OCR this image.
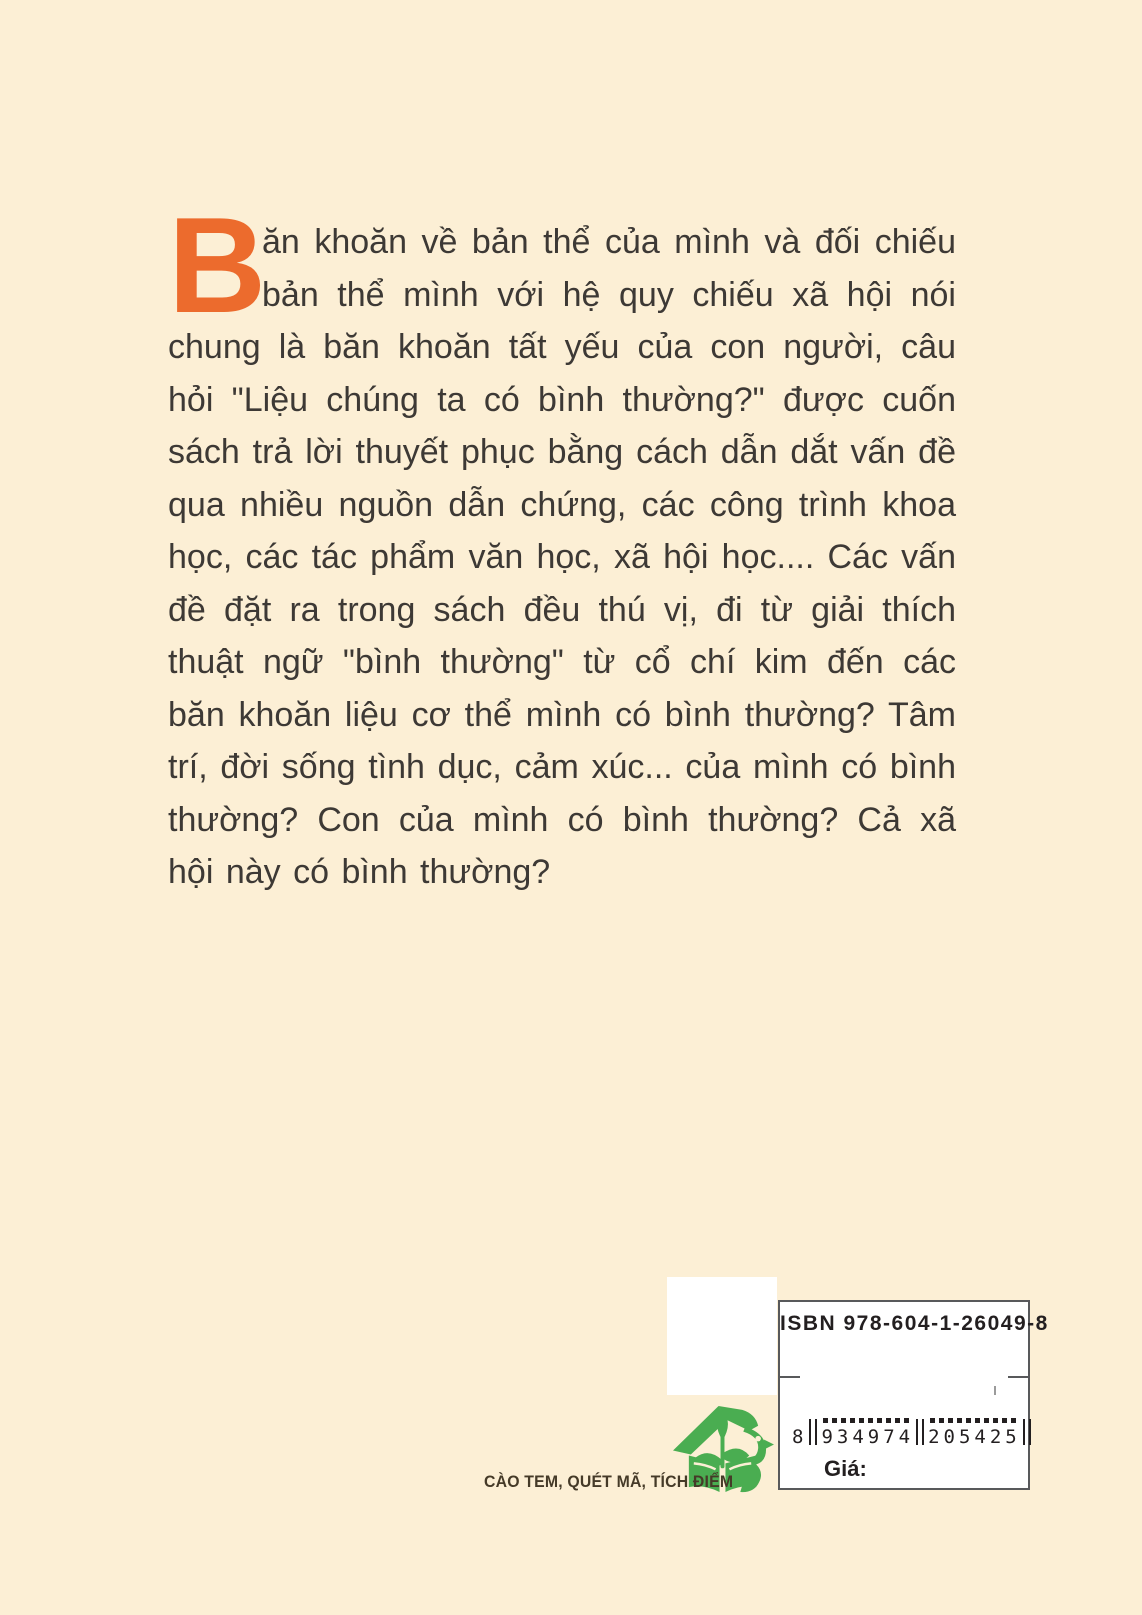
B
ăn khoăn về bản thể của mình và đối chiếu bản thể mình với hệ quy chiếu xã hội nói chung là băn khoăn tất yếu của con người, câu hỏi "Liệu chúng ta có bình thường?" được cuốn sách trả lời thuyết phục bằng cách dẫn dắt vấn đề qua nhiều nguồn dẫn chứng, các công trình khoa học, các tác phẩm văn học, xã hội học.... Các vấn đề đặt ra trong sách đều thú vị, đi từ giải thích thuật ngữ "bình thường" từ cổ chí kim đến các băn khoăn liệu cơ thể mình có bình thường? Tâm trí, đời sống tình dục, cảm xúc... của mình có bình thường? Con của mình có bình thường? Cả xã hội này có bình thường?

ISBN 978-604-1-26049-8
8 934974 205425
Giá:
CÀO TEM, QUÉT MÃ, TÍCH ĐIỂM
